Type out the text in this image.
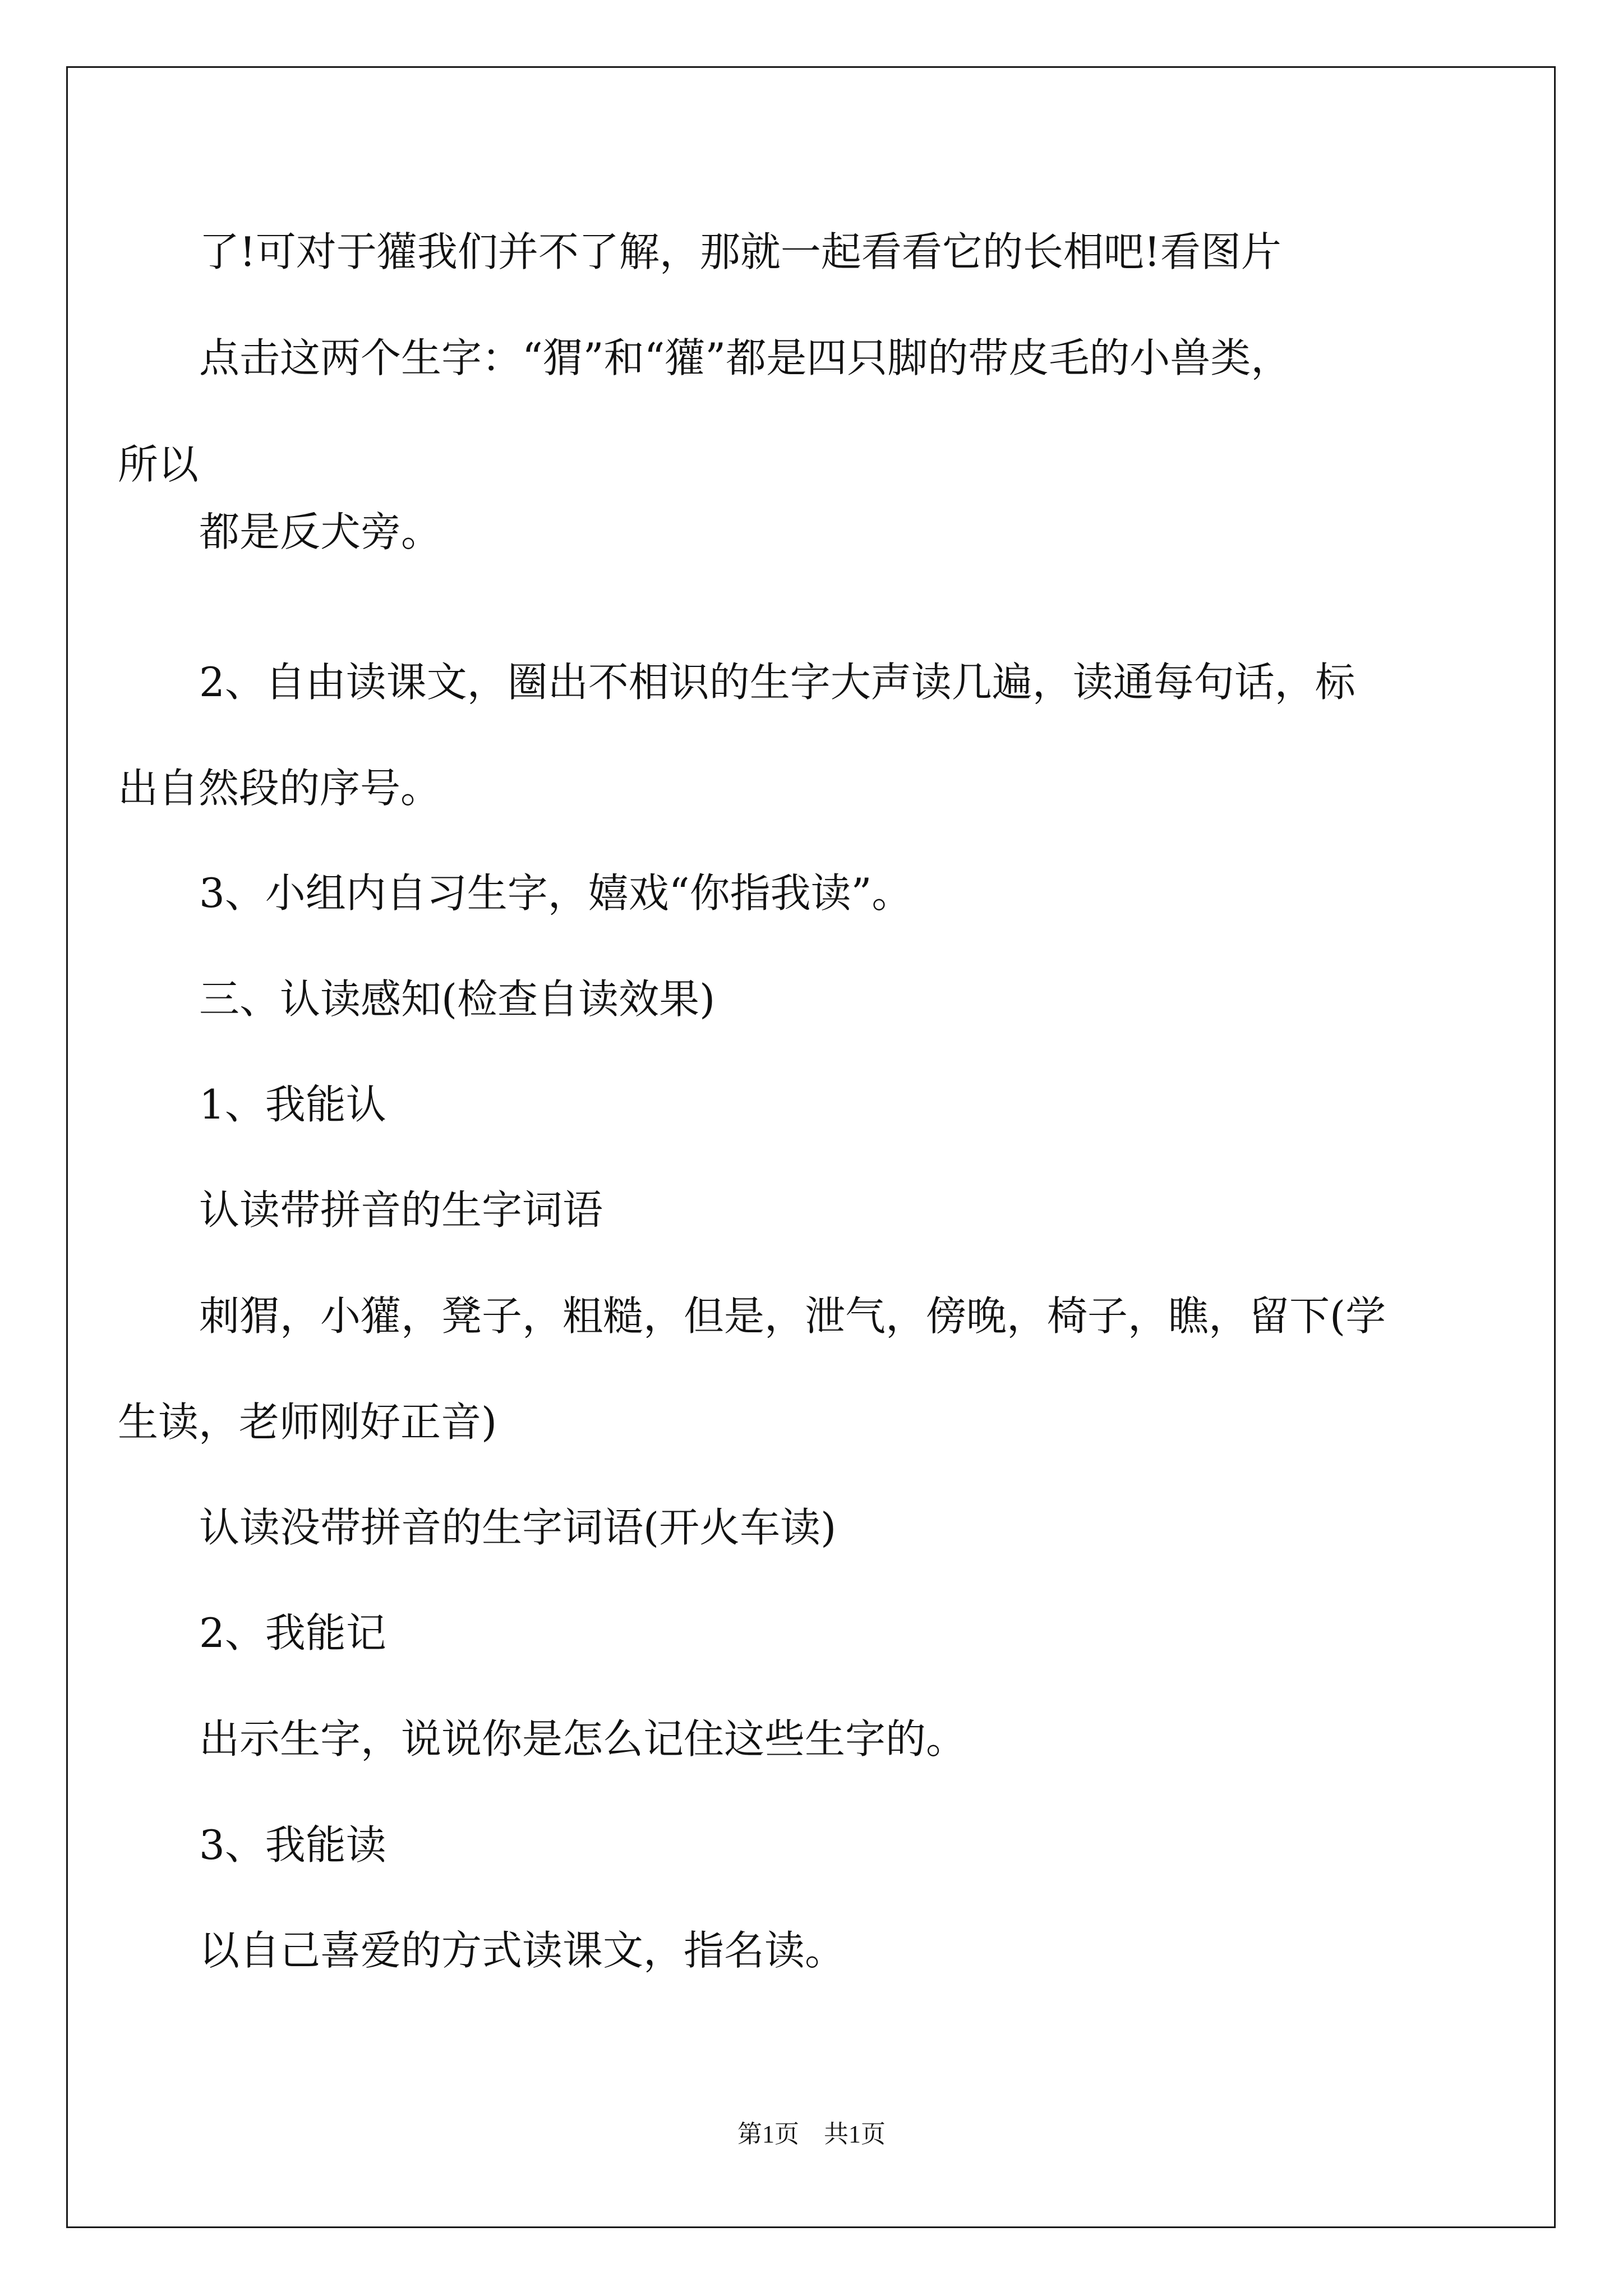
了!可对于獾我们并不了解，那就一起看看它的长相吧!看图片
点击这两个生字：“猬”和“獾”都是四只脚的带皮毛的小兽类，
所以
都是反犬旁。
2、自由读课文，圈出不相识的生字大声读几遍，读通每句话，标
出自然段的序号。
3、小组内自习生字，嬉戏“你指我读”。
三、认读感知(检查自读效果)
1、我能认
认读带拼音的生字词语
刺猬，小獾，凳子，粗糙，但是，泄气，傍晚，椅子，瞧，留下(学
生读，老师刚好正音)
认读没带拼音的生字词语(开火车读)
2、我能记
出示生字，说说你是怎么记住这些生字的。
3、我能读
以自己喜爱的方式读课文，指名读。
第1页 共1页
